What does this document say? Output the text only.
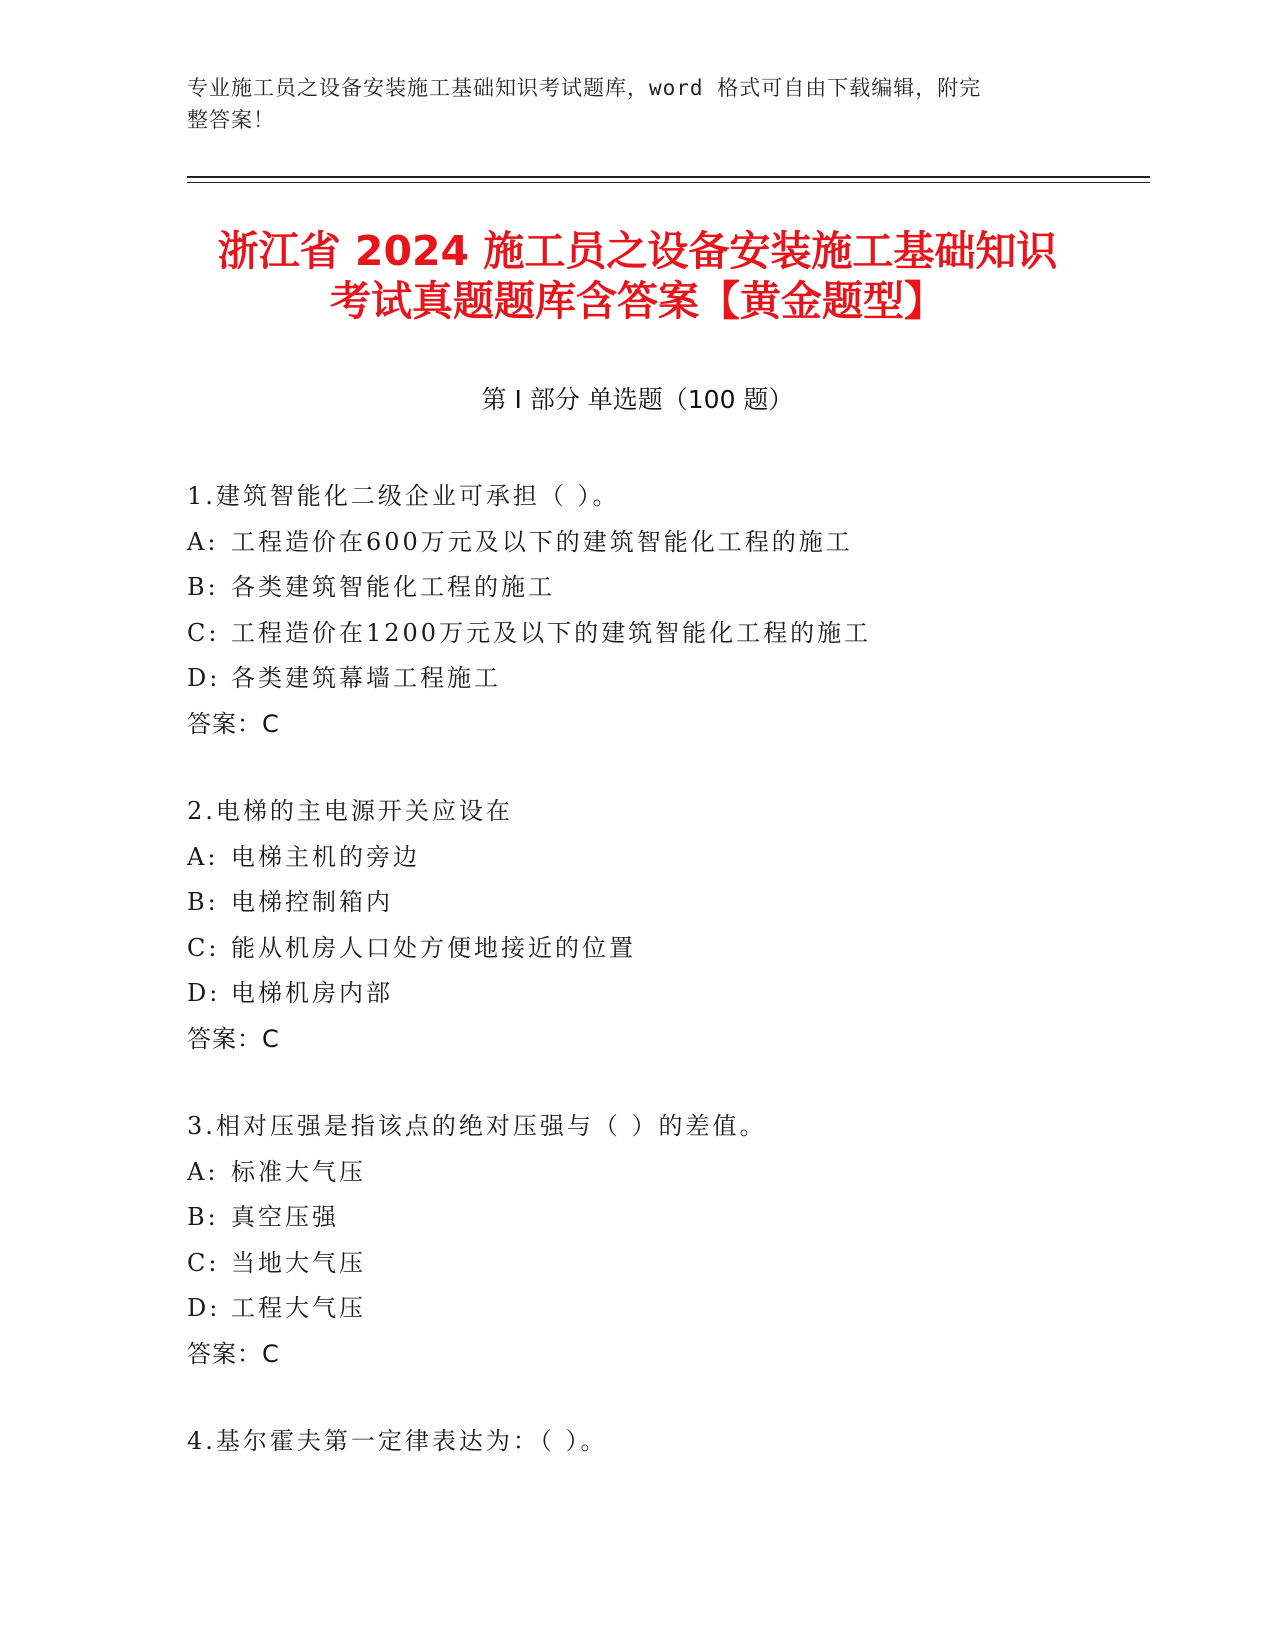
专业施工员之设备安装施工基础知识考试题库，word 格式可自由下载编辑，附完
整答案！
浙江省 2024 施工员之设备安装施工基础知识
考试真题题库含答案【黄金题型】
第 I 部分 单选题（100 题）
1.建筑智能化二级企业可承担（ ）。
A: 工程造价在600万元及以下的建筑智能化工程的施工
B: 各类建筑智能化工程的施工
C: 工程造价在1200万元及以下的建筑智能化工程的施工
D: 各类建筑幕墙工程施工
答案：C
2.电梯的主电源开关应设在
A: 电梯主机的旁边
B: 电梯控制箱内
C: 能从机房人口处方便地接近的位置
D: 电梯机房内部
答案：C
3.相对压强是指该点的绝对压强与（ ）的差值。
A: 标准大气压
B: 真空压强
C: 当地大气压
D: 工程大气压
答案：C
4.基尔霍夫第一定律表达为：（ ）。
